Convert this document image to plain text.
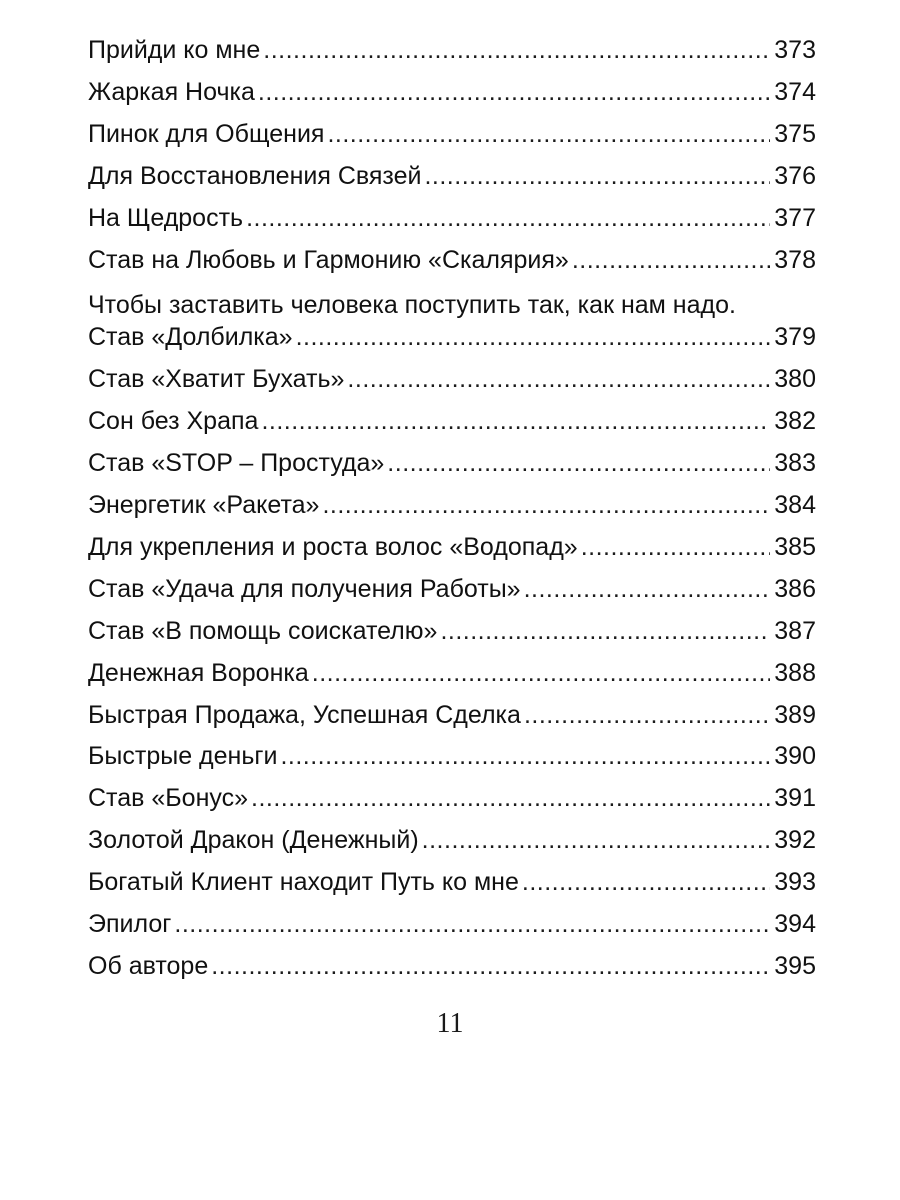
Прийди ко мне .....	373
Жаркая Ночка .....	374
Пинок для Общения .....	375
Для Восстановления Связей .....	376
На Щедрость .....	377
Став на Любовь и Гармонию «Скалярия» .....	378
Чтобы заставить человека поступить так, как нам надо.
Став «Долбилка» .....	379
Став «Хватит Бухать» .....	380
Сон без Храпа .....	382
Став «STOP – Простуда» .....	383
Энергетик «Ракета» .....	384
Для укрепления и роста волос «Водопад» .....	385
Став «Удача для получения Работы» .....	386
Став «В помощь соискателю» .....	387
Денежная Воронка .....	388
Быстрая Продажа, Успешная Сделка .....	389
Быстрые деньги .....	390
Став «Бонус» .....	391
Золотой Дракон (Денежный) .....	392
Богатый Клиент находит Путь ко мне .....	393
Эпилог .....	394
Об авторе .....	395
11
